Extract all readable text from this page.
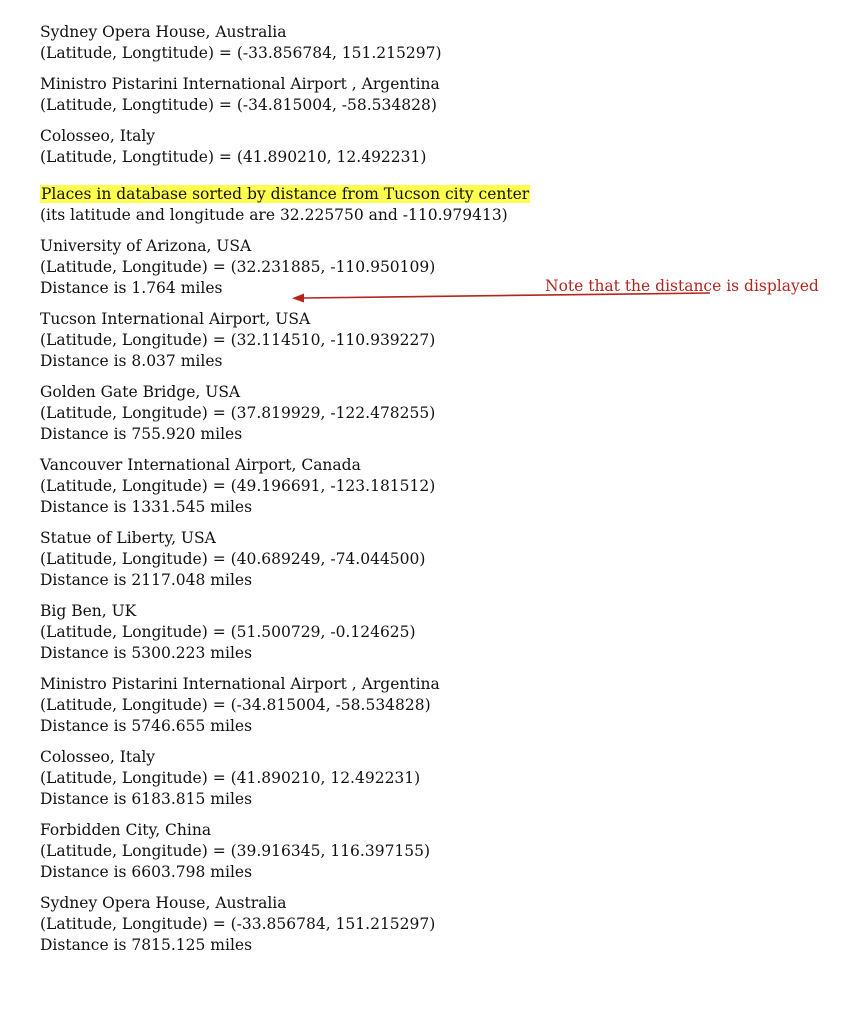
Sydney Opera House, Australia
(Latitude, Longtitude) = (-33.856784, 151.215297)
Ministro Pistarini International Airport , Argentina
(Latitude, Longtitude) = (-34.815004, -58.534828)
Colosseo, Italy
(Latitude, Longtitude) = (41.890210, 12.492231)
Places in database sorted by distance from Tucson city center
(its latitude and longitude are 32.225750 and -110.979413)
University of Arizona, USA
(Latitude, Longitude) = (32.231885, -110.950109)
Distance is 1.764 miles
Tucson International Airport, USA
(Latitude, Longitude) = (32.114510, -110.939227)
Distance is 8.037 miles
Golden Gate Bridge, USA
(Latitude, Longitude) = (37.819929, -122.478255)
Distance is 755.920 miles
Vancouver International Airport, Canada
(Latitude, Longitude) = (49.196691, -123.181512)
Distance is 1331.545 miles
Statue of Liberty, USA
(Latitude, Longitude) = (40.689249, -74.044500)
Distance is 2117.048 miles
Big Ben, UK
(Latitude, Longitude) = (51.500729, -0.124625)
Distance is 5300.223 miles
Ministro Pistarini International Airport , Argentina
(Latitude, Longitude) = (-34.815004, -58.534828)
Distance is 5746.655 miles
Colosseo, Italy
(Latitude, Longitude) = (41.890210, 12.492231)
Distance is 6183.815 miles
Forbidden City, China
(Latitude, Longitude) = (39.916345, 116.397155)
Distance is 6603.798 miles
Sydney Opera House, Australia
(Latitude, Longitude) = (-33.856784, 151.215297)
Distance is 7815.125 miles
Note that the distance is displayed
